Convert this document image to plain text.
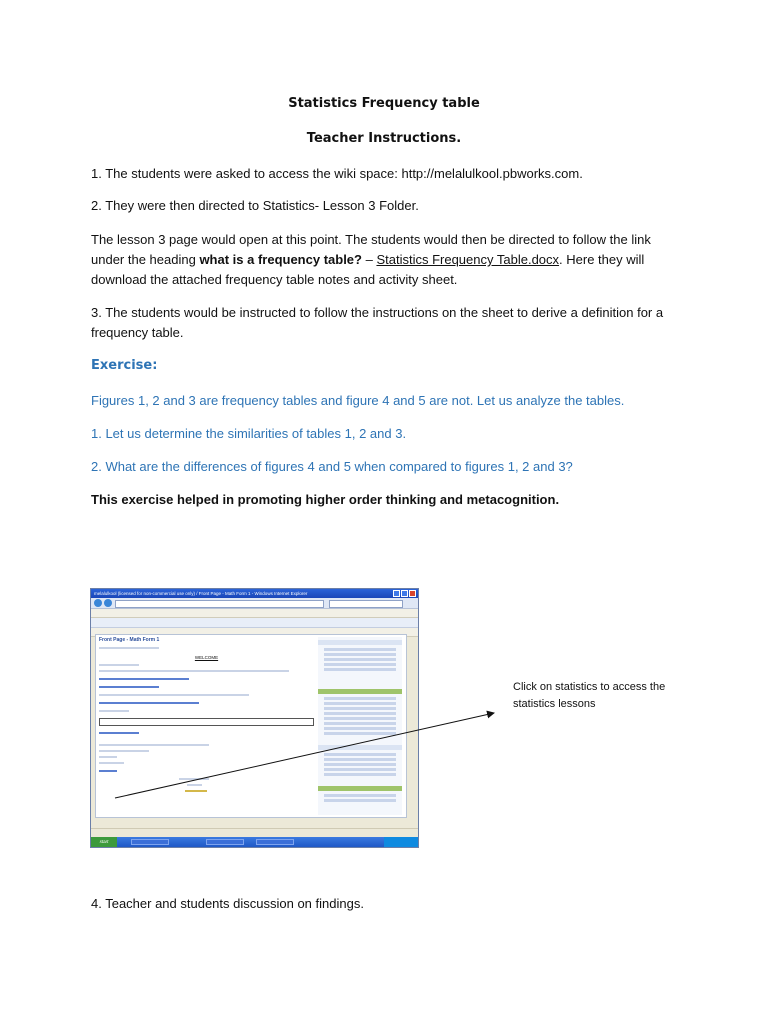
Statistics Frequency table
Teacher Instructions.
1. The students were asked to access the wiki space: http://melalulkool.pbworks.com.
2. They were then directed to Statistics- Lesson 3 Folder.
The lesson 3 page would open at this point. The students would then be directed to follow the link under the heading what is a frequency table? – Statistics Frequency Table.docx. Here they will download the attached frequency table notes and activity sheet.
3. The students would be instructed to follow the instructions on the sheet to derive a definition for a frequency table.
Exercise:
Figures 1, 2 and 3 are frequency tables and figure 4 and 5 are not. Let us analyze the tables.
1. Let us determine the similarities of tables 1, 2 and 3.
2. What are the differences of figures 4 and 5 when compared to figures 1, 2 and 3?
This exercise helped in promoting higher order thinking and metacognition.
melalulkool (licensed for non-commercial use only) / Front Page - Math Form 1 - Windows Internet Explorer
Front Page - Math Form 1
WELCOME
start
Click on statistics to access the statistics lessons
4. Teacher and students discussion on findings.
